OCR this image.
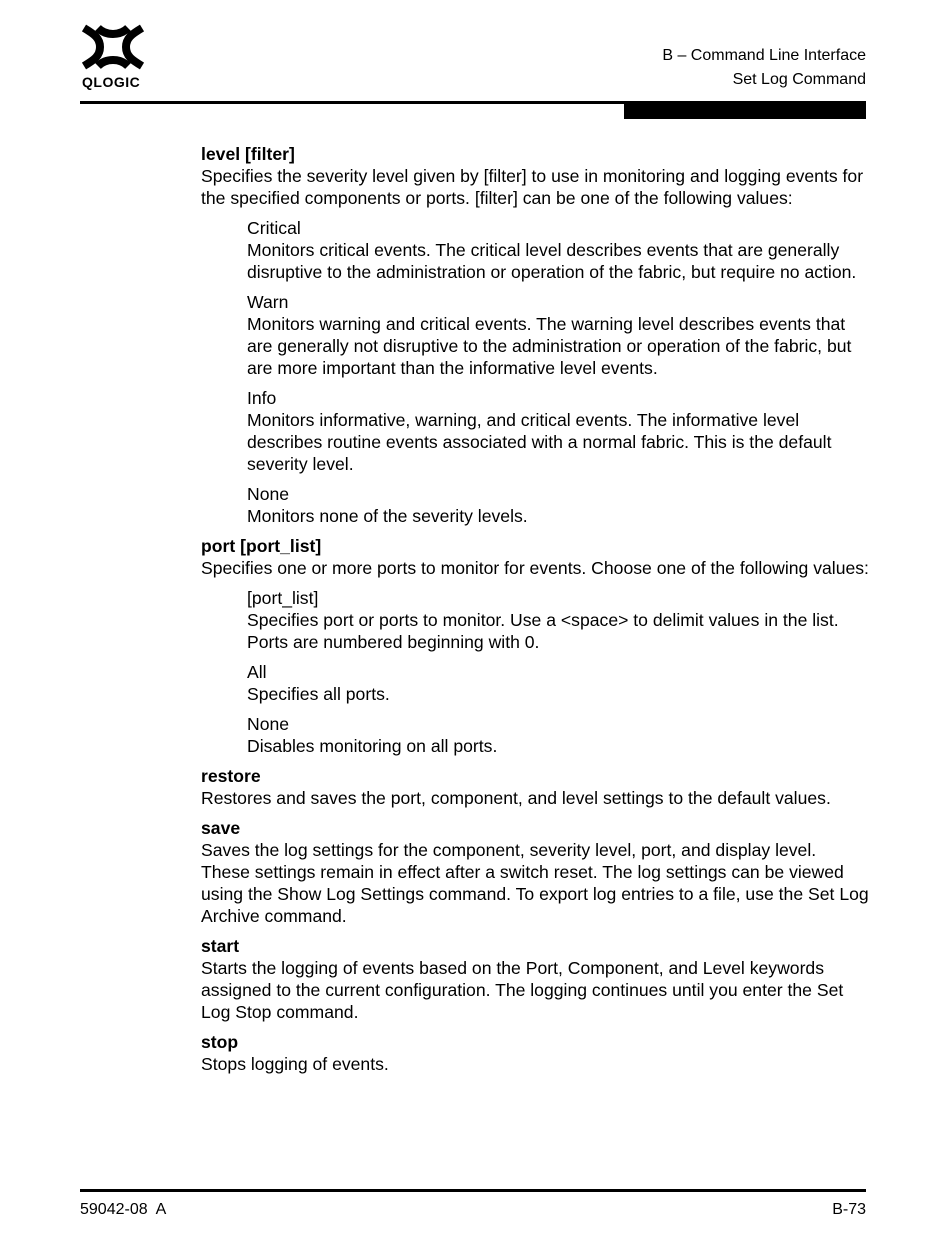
QLOGIC
B – Command Line Interface
Set Log Command

level [filter]

Specifies the severity level given by [filter] to use in monitoring and logging events for the specified components or ports. [filter] can be one of the following values:

Critical

Monitors critical events. The critical level describes events that are generally disruptive to the administration or operation of the fabric, but require no action.

Warn

Monitors warning and critical events. The warning level describes events that are generally not disruptive to the administration or operation of the fabric, but are more important than the informative level events.

Info

Monitors informative, warning, and critical events. The informative level describes routine events associated with a normal fabric. This is the default severity level.

None

Monitors none of the severity levels.

port [port_list]

Specifies one or more ports to monitor for events. Choose one of the following values:

[port_list]

Specifies port or ports to monitor. Use a <space> to delimit values in the list. Ports are numbered beginning with 0.

All

Specifies all ports.

None

Disables monitoring on all ports.

restore

Restores and saves the port, component, and level settings to the default values.

save

Saves the log settings for the component, severity level, port, and display level. These settings remain in effect after a switch reset. The log settings can be viewed using the Show Log Settings command. To export log entries to a file, use the Set Log Archive command.

start

Starts the logging of events based on the Port, Component, and Level keywords assigned to the current configuration. The logging continues until you enter the Set Log Stop command.

stop

Stops logging of events.

59042-08  A	B-73
